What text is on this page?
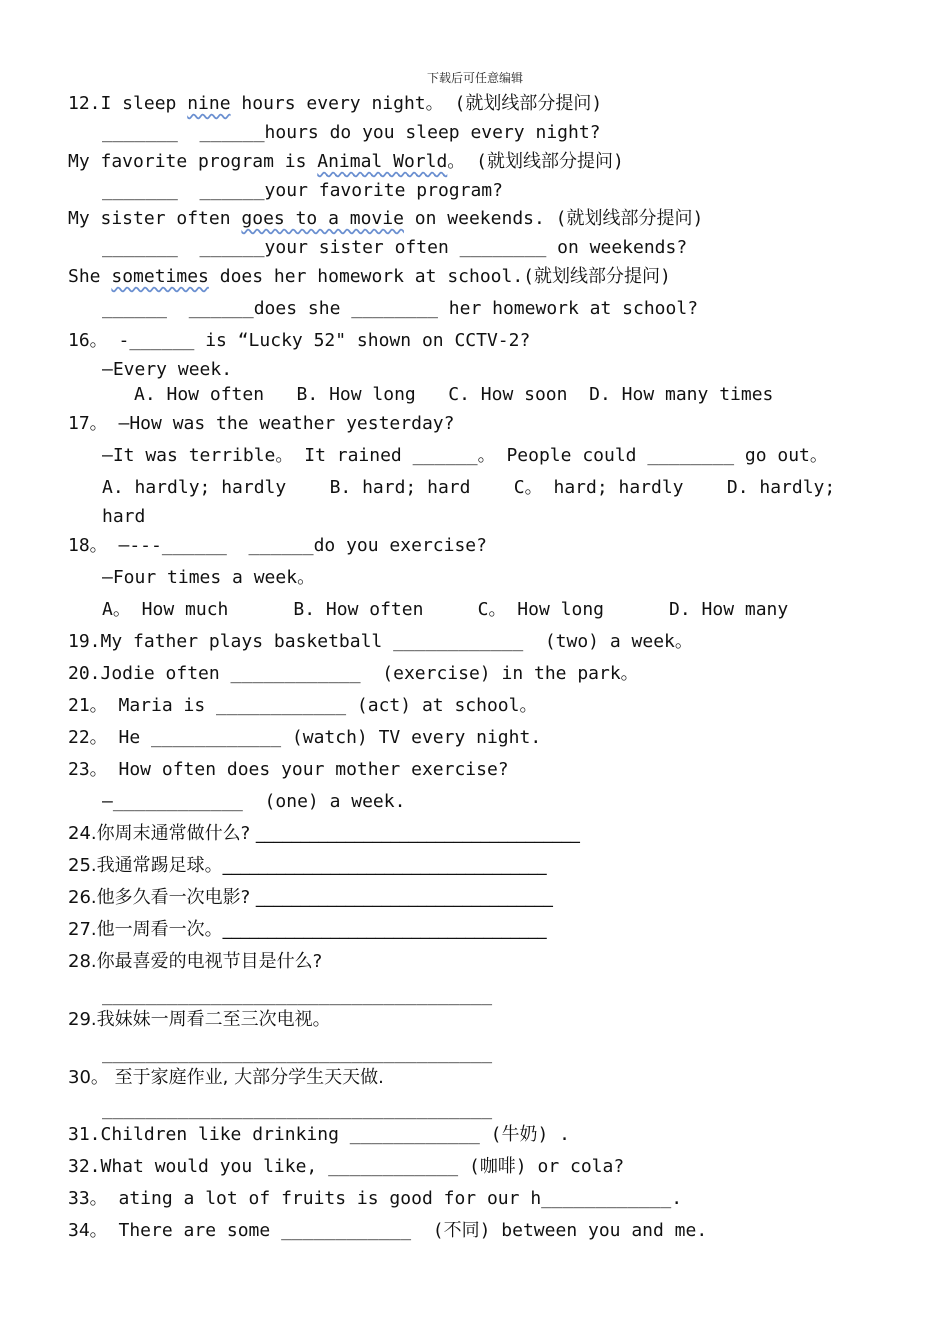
下载后可任意编辑
12.I sleep nine hours every night。 (就划线部分提问)
_______  ______hours do you sleep every night?
My favorite program is Animal World。 (就划线部分提问)
_______  ______your favorite program?
My sister often goes to a movie on weekends. (就划线部分提问)
_______  ______your sister often ________ on weekends?
She sometimes does her homework at school.(就划线部分提问)
______  ______does she ________ her homework at school?
16。 -______ is “Lucky 52" shown on CCTV-2?
—Every week.
A. How often   B. How long   C. How soon  D. How many times
17。 —How was the weather yesterday?
—It was terrible。 It rained ______。 People could ________ go out。
A. hardly; hardly    B. hard; hard    C。 hard; hardly    D. hardly;
hard
18。 —---______  ______do you exercise?
—Four times a week。
A。 How much      B. How often     C。 How long      D. How many
19.My father plays basketball ____________  (two) a week。
20.Jodie often ____________  (exercise) in the park。
21。 Maria is ____________ (act) at school。
22。 He ____________ (watch) TV every night.
23。 How often does your mother exercise?
—____________  (one) a week.
24.你周末通常做什么? ____________________________________
25.我通常踢足球。____________________________________
26.他多久看一次电影? _________________________________
27.他一周看一次。____________________________________
28.你最喜爱的电视节目是什么?
____________________________________
29.我妹妹一周看二至三次电视。
____________________________________
30。 至于家庭作业, 大部分学生天天做.
____________________________________
31.Children like drinking ____________ (牛奶) .
32.What would you like, ____________ (咖啡) or cola?
33。 ating a lot of fruits is good for our h____________.
34。 There are some ____________  (不同) between you and me.
